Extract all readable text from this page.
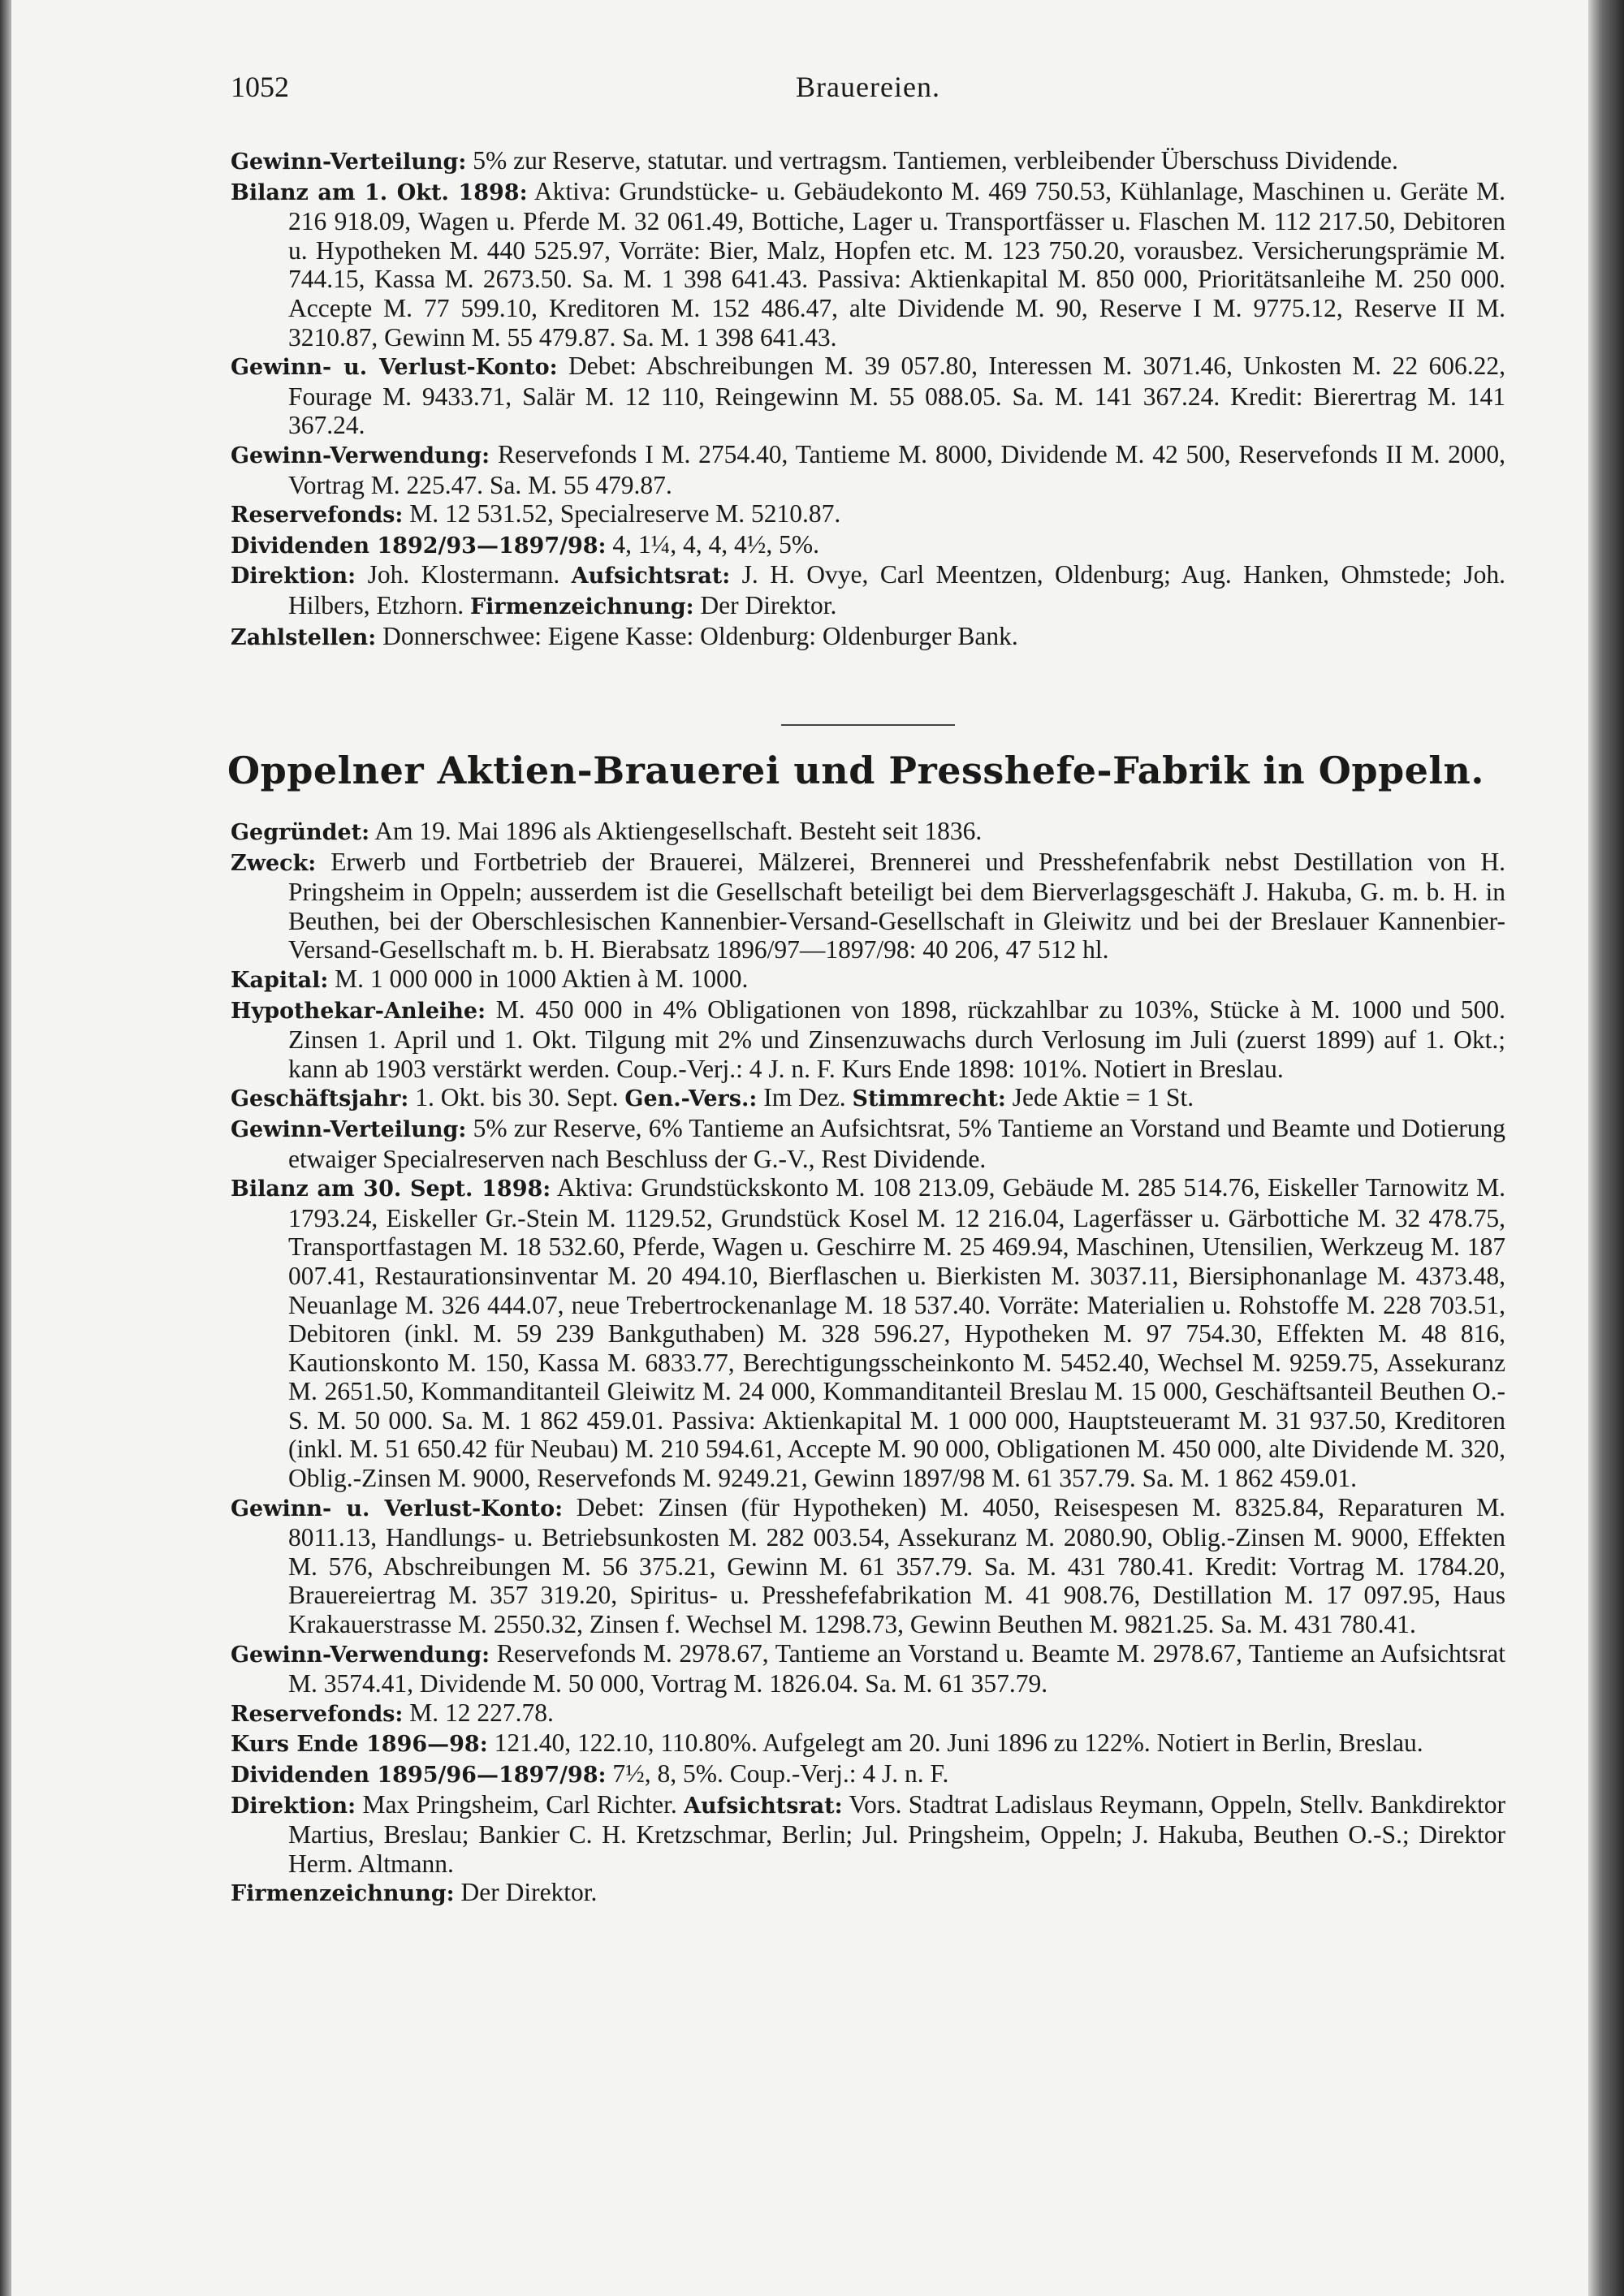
1052	Brauereien.

Gewinn-Verteilung: 5% zur Reserve, statutar. und vertragsm. Tantiemen, verbleibender Überschuss Dividende.

Bilanz am 1. Okt. 1898: Aktiva: Grundstücke- u. Gebäudekonto M. 469 750.53, Kühlanlage, Maschinen u. Geräte M. 216 918.09, Wagen u. Pferde M. 32 061.49, Bottiche, Lager u. Transportfässer u. Flaschen M. 112 217.50, Debitoren u. Hypotheken M. 440 525.97, Vorräte: Bier, Malz, Hopfen etc. M. 123 750.20, vorausbez. Versicherungsprämie M. 744.15, Kassa M. 2673.50. Sa. M. 1 398 641.43. Passiva: Aktienkapital M. 850 000, Prioritätsanleihe M. 250 000. Accepte M. 77 599.10, Kreditoren M. 152 486.47, alte Dividende M. 90, Reserve I M. 9775.12, Reserve II M. 3210.87, Gewinn M. 55 479.87. Sa. M. 1 398 641.43.

Gewinn- u. Verlust-Konto: Debet: Abschreibungen M. 39 057.80, Interessen M. 3071.46, Unkosten M. 22 606.22, Fourage M. 9433.71, Salär M. 12 110, Reingewinn M. 55 088.05. Sa. M. 141 367.24. Kredit: Bierertrag M. 141 367.24.

Gewinn-Verwendung: Reservefonds I M. 2754.40, Tantieme M. 8000, Dividende M. 42 500, Reservefonds II M. 2000, Vortrag M. 225.47. Sa. M. 55 479.87.

Reservefonds: M. 12 531.52, Specialreserve M. 5210.87.

Dividenden 1892/93—1897/98: 4, 1¼, 4, 4, 4½, 5%.

Direktion: Joh. Klostermann. Aufsichtsrat: J. H. Ovye, Carl Meentzen, Oldenburg; Aug. Hanken, Ohmstede; Joh. Hilbers, Etzhorn. Firmenzeichnung: Der Direktor.

Zahlstellen: Donnerschwee: Eigene Kasse: Oldenburg: Oldenburger Bank.

Oppelner Aktien-Brauerei und Presshefe-Fabrik in Oppeln.

Gegründet: Am 19. Mai 1896 als Aktiengesellschaft. Besteht seit 1836.

Zweck: Erwerb und Fortbetrieb der Brauerei, Mälzerei, Brennerei und Presshefenfabrik nebst Destillation von H. Pringsheim in Oppeln; ausserdem ist die Gesellschaft beteiligt bei dem Bierverlagsgeschäft J. Hakuba, G. m. b. H. in Beuthen, bei der Oberschlesischen Kannenbier-Versand-Gesellschaft in Gleiwitz und bei der Breslauer Kannenbier-Versand-Gesellschaft m. b. H. Bierabsatz 1896/97—1897/98: 40 206, 47 512 hl.

Kapital: M. 1 000 000 in 1000 Aktien à M. 1000.

Hypothekar-Anleihe: M. 450 000 in 4% Obligationen von 1898, rückzahlbar zu 103%, Stücke à M. 1000 und 500. Zinsen 1. April und 1. Okt. Tilgung mit 2% und Zinsenzuwachs durch Verlosung im Juli (zuerst 1899) auf 1. Okt.; kann ab 1903 verstärkt werden. Coup.-Verj.: 4 J. n. F. Kurs Ende 1898: 101%. Notiert in Breslau.

Geschäftsjahr: 1. Okt. bis 30. Sept. Gen.-Vers.: Im Dez. Stimmrecht: Jede Aktie = 1 St.

Gewinn-Verteilung: 5% zur Reserve, 6% Tantieme an Aufsichtsrat, 5% Tantieme an Vorstand und Beamte und Dotierung etwaiger Specialreserven nach Beschluss der G.-V., Rest Dividende.

Bilanz am 30. Sept. 1898: Aktiva: Grundstückskonto M. 108 213.09, Gebäude M. 285 514.76, Eiskeller Tarnowitz M. 1793.24, Eiskeller Gr.-Stein M. 1129.52, Grundstück Kosel M. 12 216.04, Lagerfässer u. Gärbottiche M. 32 478.75, Transportfastagen M. 18 532.60, Pferde, Wagen u. Geschirre M. 25 469.94, Maschinen, Utensilien, Werkzeug M. 187 007.41, Restaurationsinventar M. 20 494.10, Bierflaschen u. Bierkisten M. 3037.11, Biersiphonanlage M. 4373.48, Neuanlage M. 326 444.07, neue Trebertrockenanlage M. 18 537.40. Vorräte: Materialien u. Rohstoffe M. 228 703.51, Debitoren (inkl. M. 59 239 Bankguthaben) M. 328 596.27, Hypotheken M. 97 754.30, Effekten M. 48 816, Kautionskonto M. 150, Kassa M. 6833.77, Berechtigungsscheinkonto M. 5452.40, Wechsel M. 9259.75, Assekuranz M. 2651.50, Kommanditanteil Gleiwitz M. 24 000, Kommanditanteil Breslau M. 15 000, Geschäftsanteil Beuthen O.-S. M. 50 000. Sa. M. 1 862 459.01. Passiva: Aktienkapital M. 1 000 000, Hauptsteueramt M. 31 937.50, Kreditoren (inkl. M. 51 650.42 für Neubau) M. 210 594.61, Accepte M. 90 000, Obligationen M. 450 000, alte Dividende M. 320, Oblig.-Zinsen M. 9000, Reservefonds M. 9249.21, Gewinn 1897/98 M. 61 357.79. Sa. M. 1 862 459.01.

Gewinn- u. Verlust-Konto: Debet: Zinsen (für Hypotheken) M. 4050, Reisespesen M. 8325.84, Reparaturen M. 8011.13, Handlungs- u. Betriebsunkosten M. 282 003.54, Assekuranz M. 2080.90, Oblig.-Zinsen M. 9000, Effekten M. 576, Abschreibungen M. 56 375.21, Gewinn M. 61 357.79. Sa. M. 431 780.41. Kredit: Vortrag M. 1784.20, Brauereiertrag M. 357 319.20, Spiritus- u. Presshefefabrikation M. 41 908.76, Destillation M. 17 097.95, Haus Krakauerstrasse M. 2550.32, Zinsen f. Wechsel M. 1298.73, Gewinn Beuthen M. 9821.25. Sa. M. 431 780.41.

Gewinn-Verwendung: Reservefonds M. 2978.67, Tantieme an Vorstand u. Beamte M. 2978.67, Tantieme an Aufsichtsrat M. 3574.41, Dividende M. 50 000, Vortrag M. 1826.04. Sa. M. 61 357.79.

Reservefonds: M. 12 227.78.

Kurs Ende 1896—98: 121.40, 122.10, 110.80%. Aufgelegt am 20. Juni 1896 zu 122%. Notiert in Berlin, Breslau.

Dividenden 1895/96—1897/98: 7½, 8, 5%. Coup.-Verj.: 4 J. n. F.

Direktion: Max Pringsheim, Carl Richter. Aufsichtsrat: Vors. Stadtrat Ladislaus Reymann, Oppeln, Stellv. Bankdirektor Martius, Breslau; Bankier C. H. Kretzschmar, Berlin; Jul. Pringsheim, Oppeln; J. Hakuba, Beuthen O.-S.; Direktor Herm. Altmann.

Firmenzeichnung: Der Direktor.
